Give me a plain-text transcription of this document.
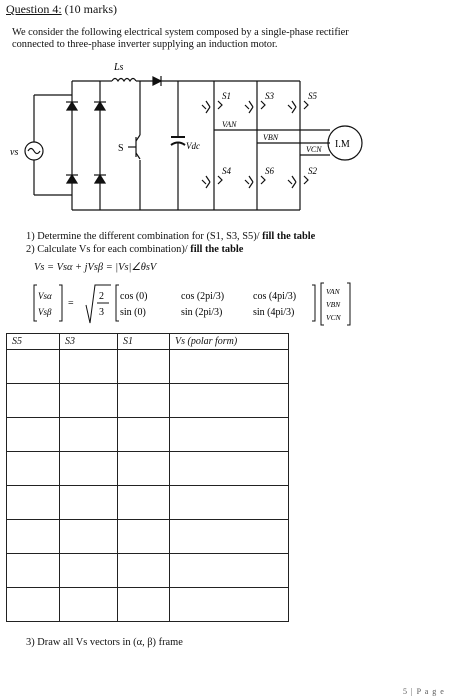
Question 4: (10 marks)
We consider the following electrical system composed by a single-phase rectifier
connected to three-phase inverter supplying an induction motor.
Ls
vs	S	Vdc
S1	S3	S5
S4	S6	S2
VAN
VBN
VCN I.M
1) Determine the different combination for (S1, S3, S5)/ fill the table
2) Calculate Vs for each combination)/ fill the table
Vs = Vsα + jVsβ = |Vs|∠θsV
Vsα
Vsβ
=
2
3
cos (0)	cos (2pi/3)	cos (4pi/3)
sin (0)	sin (2pi/3)	sin (4pi/3)
VAN
VBN
VCN
S5	S3	S1	Vs (polar form)

3) Draw all Vs vectors in (α, β) frame
5 | P a g e
